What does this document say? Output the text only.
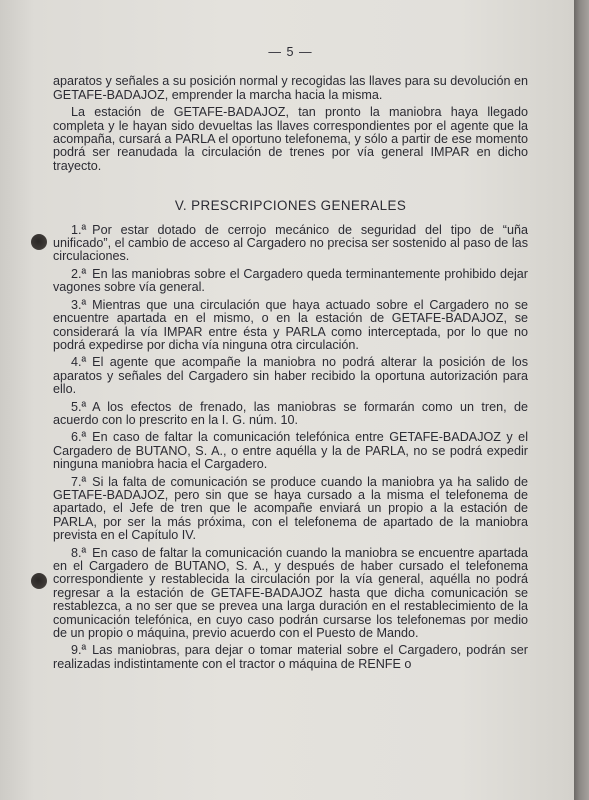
— 5 —

aparatos y señales a su posición normal y recogidas las llaves para su devolución en GETAFE-BADAJOZ, emprender la marcha hacia la misma.

La estación de GETAFE-BADAJOZ, tan pronto la maniobra haya llegado completa y le hayan sido devueltas las llaves correspondientes por el agente que la acompaña, cursará a PARLA el oportuno telefonema, y sólo a partir de ese momento podrá ser reanudada la circulación de trenes por vía general IMPAR en dicho trayecto.

V. PRESCRIPCIONES GENERALES

1.ª Por estar dotado de cerrojo mecánico de seguridad del tipo de “uña unificado”, el cambio de acceso al Cargadero no precisa ser sostenido al paso de las circulaciones.

2.ª En las maniobras sobre el Cargadero queda terminantemente prohibido dejar vagones sobre vía general.

3.ª Mientras que una circulación que haya actuado sobre el Cargadero no se encuentre apartada en el mismo, o en la estación de GETAFE-BADAJOZ, se considerará la vía IMPAR entre ésta y PARLA como interceptada, por lo que no podrá expedirse por dicha vía ninguna otra circulación.

4.ª El agente que acompañe la maniobra no podrá alterar la posición de los aparatos y señales del Cargadero sin haber recibido la oportuna autorización para ello.

5.ª A los efectos de frenado, las maniobras se formarán como un tren, de acuerdo con lo prescrito en la I. G. núm. 10.

6.ª En caso de faltar la comunicación telefónica entre GETAFE-BADAJOZ y el Cargadero de BUTANO, S. A., o entre aquélla y la de PARLA, no se podrá expedir ninguna maniobra hacia el Cargadero.

7.ª Si la falta de comunicación se produce cuando la maniobra ya ha salido de GETAFE-BADAJOZ, pero sin que se haya cursado a la misma el telefonema de apartado, el Jefe de tren que le acompañe enviará un propio a la estación de PARLA, por ser la más próxima, con el telefonema de apartado de la maniobra prevista en el Capítulo IV.

8.ª En caso de faltar la comunicación cuando la maniobra se encuentre apartada en el Cargadero de BUTANO, S. A., y después de haber cursado el telefonema correspondiente y restablecida la circulación por la vía general, aquélla no podrá regresar a la estación de GETAFE-BADAJOZ hasta que dicha comunicación se restablezca, a no ser que se prevea una larga duración en el restablecimiento de la comunicación telefónica, en cuyo caso podrán cursarse los telefonemas por medio de un propio o máquina, previo acuerdo con el Puesto de Mando.

9.ª Las maniobras, para dejar o tomar material sobre el Cargadero, podrán ser realizadas indistintamente con el tractor o máquina de RENFE o
